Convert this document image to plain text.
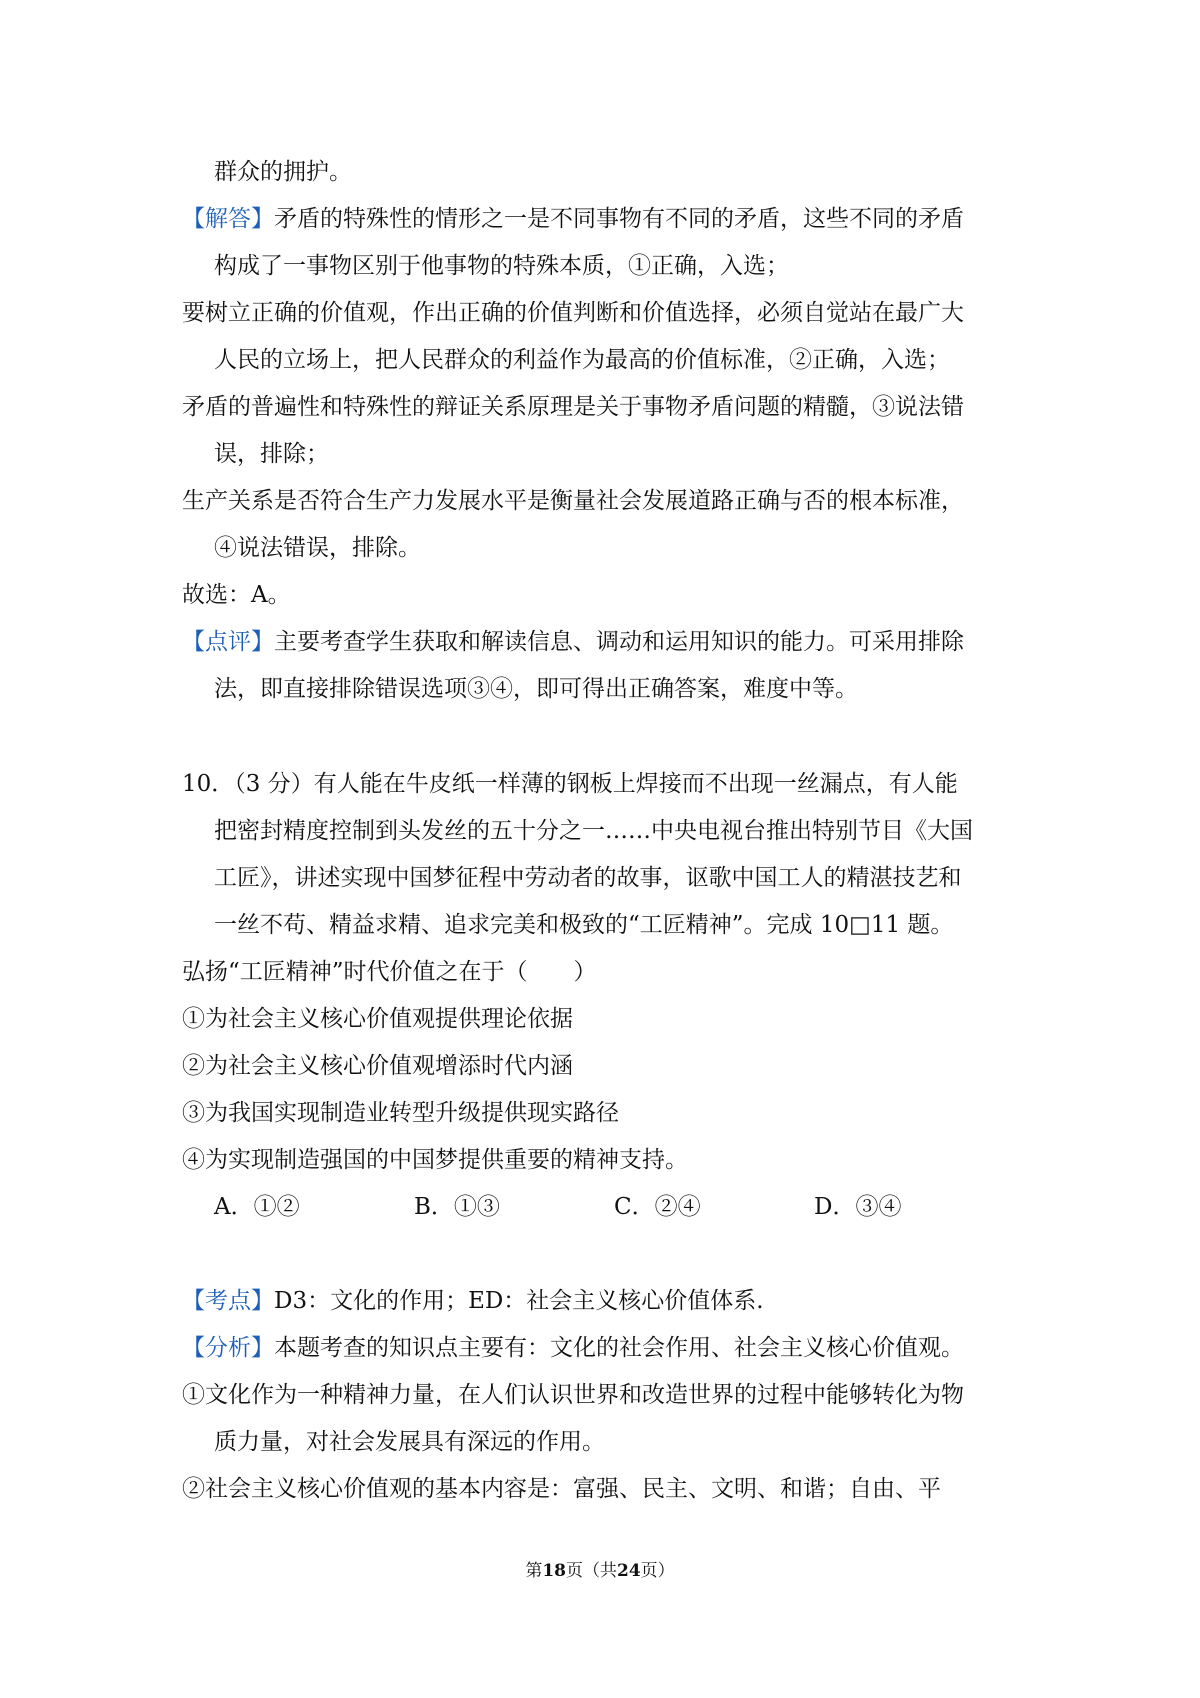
群众的拥护。
【解答】矛盾的特殊性的情形之一是不同事物有不同的矛盾，这些不同的矛盾
构成了一事物区别于他事物的特殊本质，①正确，入选；
要树立正确的价值观，作出正确的价值判断和价值选择，必须自觉站在最广大
人民的立场上，把人民群众的利益作为最高的价值标准，②正确，入选；
矛盾的普遍性和特殊性的辩证关系原理是关于事物矛盾问题的精髓，③说法错
误，排除；
生产关系是否符合生产力发展水平是衡量社会发展道路正确与否的根本标准，
④说法错误，排除。
故选：A。
【点评】主要考查学生获取和解读信息、调动和运用知识的能力。可采用排除
法，即直接排除错误选项③④，即可得出正确答案，难度中等。
10．（3 分）有人能在牛皮纸一样薄的钢板上焊接而不出现一丝漏点，有人能
把密封精度控制到头发丝的五十分之一……中央电视台推出特别节目《大国
工匠》，讲述实现中国梦征程中劳动者的故事，讴歌中国工人的精湛技艺和
一丝不苟、精益求精、追求完美和极致的“工匠精神”。完成 10□11 题。
弘扬“工匠精神”时代价值之在于（　　）
①为社会主义核心价值观提供理论依据
②为社会主义核心价值观增添时代内涵
③为我国实现制造业转型升级提供现实路径
④为实现制造强国的中国梦提供重要的精神支持。
A．①②	B．①③	C．②④	D．③④
【考点】D3：文化的作用；ED：社会主义核心价值体系.
【分析】本题考查的知识点主要有：文化的社会作用、社会主义核心价值观。
①文化作为一种精神力量，在人们认识世界和改造世界的过程中能够转化为物
质力量，对社会发展具有深远的作用。
②社会主义核心价值观的基本内容是：富强、民主、文明、和谐；自由、平
第18页（共24页）
